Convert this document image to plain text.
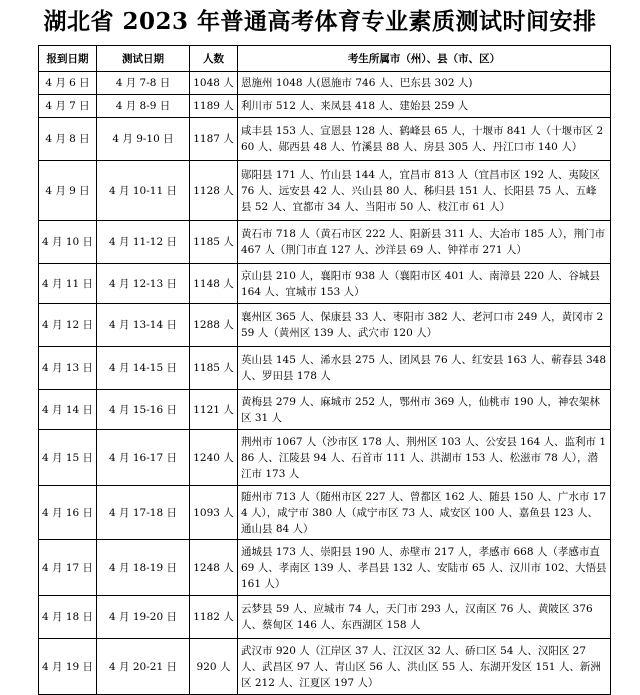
湖北省 2023 年普通高考体育专业素质测试时间安排
报到日期	测试日期	人数	考生所属市（州）、县（市、区）
4 月 6 日	4 月 7-8 日	1048 人	恩施州 1048 人(恩施市 746 人、巴东县 302 人)
4 月 7 日	4 月 8-9 日	1189 人	利川市 512 人、来凤县 418 人、建始县 259 人
4 月 8 日	4 月 9-10 日	1187 人	咸丰县 153 人、宣恩县 128 人、鹤峰县 65 人，十堰市 841 人（十堰市区 260 人、郧西县 48 人、竹溪县 88 人、房县 305 人、丹江口市 140 人）
4 月 9 日	4 月 10-11 日	1128 人	郧阳县 171 人、竹山县 144 人，宜昌市 813 人（宜昌市区 192 人、夷陵区 76 人、远安县 42 人、兴山县 80 人、秭归县 151 人、长阳县 75 人、五峰县 52 人、宜都市 34 人、当阳市 50 人、枝江市 61 人）
4 月 10 日	4 月 11-12 日	1185 人	黄石市 718 人（黄石市区 222 人、阳新县 311 人、大冶市 185 人），荆门市 467 人（荆门市直 127 人、沙洋县 69 人、钟祥市 271 人）
4 月 11 日	4 月 12-13 日	1148 人	京山县 210 人，襄阳市 938 人（襄阳市区 401 人、南漳县 220 人、谷城县 164 人、宜城市 153 人）
4 月 12 日	4 月 13-14 日	1288 人	襄州区 365 人、保康县 33 人、枣阳市 382 人、老河口市 249 人，黄冈市 259 人（黄州区 139 人、武穴市 120 人）
4 月 13 日	4 月 14-15 日	1185 人	英山县 145 人、浠水县 275 人、团风县 76 人、红安县 163 人、蕲春县 348 人、罗田县 178 人
4 月 14 日	4 月 15-16 日	1121 人	黄梅县 279 人、麻城市 252 人，鄂州市 369 人，仙桃市 190 人，神农架林区 31 人
4 月 15 日	4 月 16-17 日	1240 人	荆州市 1067 人（沙市区 178 人、荆州区 103 人、公安县 164 人、监利市 186 人、江陵县 94 人、石首市 111 人、洪湖市 153 人、松滋市 78 人），潜江市 173 人
4 月 16 日	4 月 17-18 日	1093 人	随州市 713 人（随州市区 227 人、曾都区 162 人、随县 150 人、广水市 174 人），咸宁市 380 人（咸宁市区 73 人、咸安区 100 人、嘉鱼县 123 人、通山县 84 人）
4 月 17 日	4 月 18-19 日	1248 人	通城县 173 人、崇阳县 190 人、赤壁市 217 人，孝感市 668 人（孝感市直 69 人、孝南区 139 人、孝昌县 132 人、安陆市 65 人、汉川市 102、大悟县 161 人）
4 月 18 日	4 月 19-20 日	1182 人	云梦县 59 人、应城市 74 人，天门市 293 人，汉南区 76 人、黄陂区 376 人、蔡甸区 146 人、东西湖区 158 人
4 月 19 日	4 月 20-21 日	920 人	武汉市 920 人（江岸区 37 人、江汉区 32 人、硚口区 54 人、汉阳区 27 人、武昌区 97 人、青山区 56 人、洪山区 55 人、东湖开发区 151 人、新洲区 212 人、江夏区 197 人）
